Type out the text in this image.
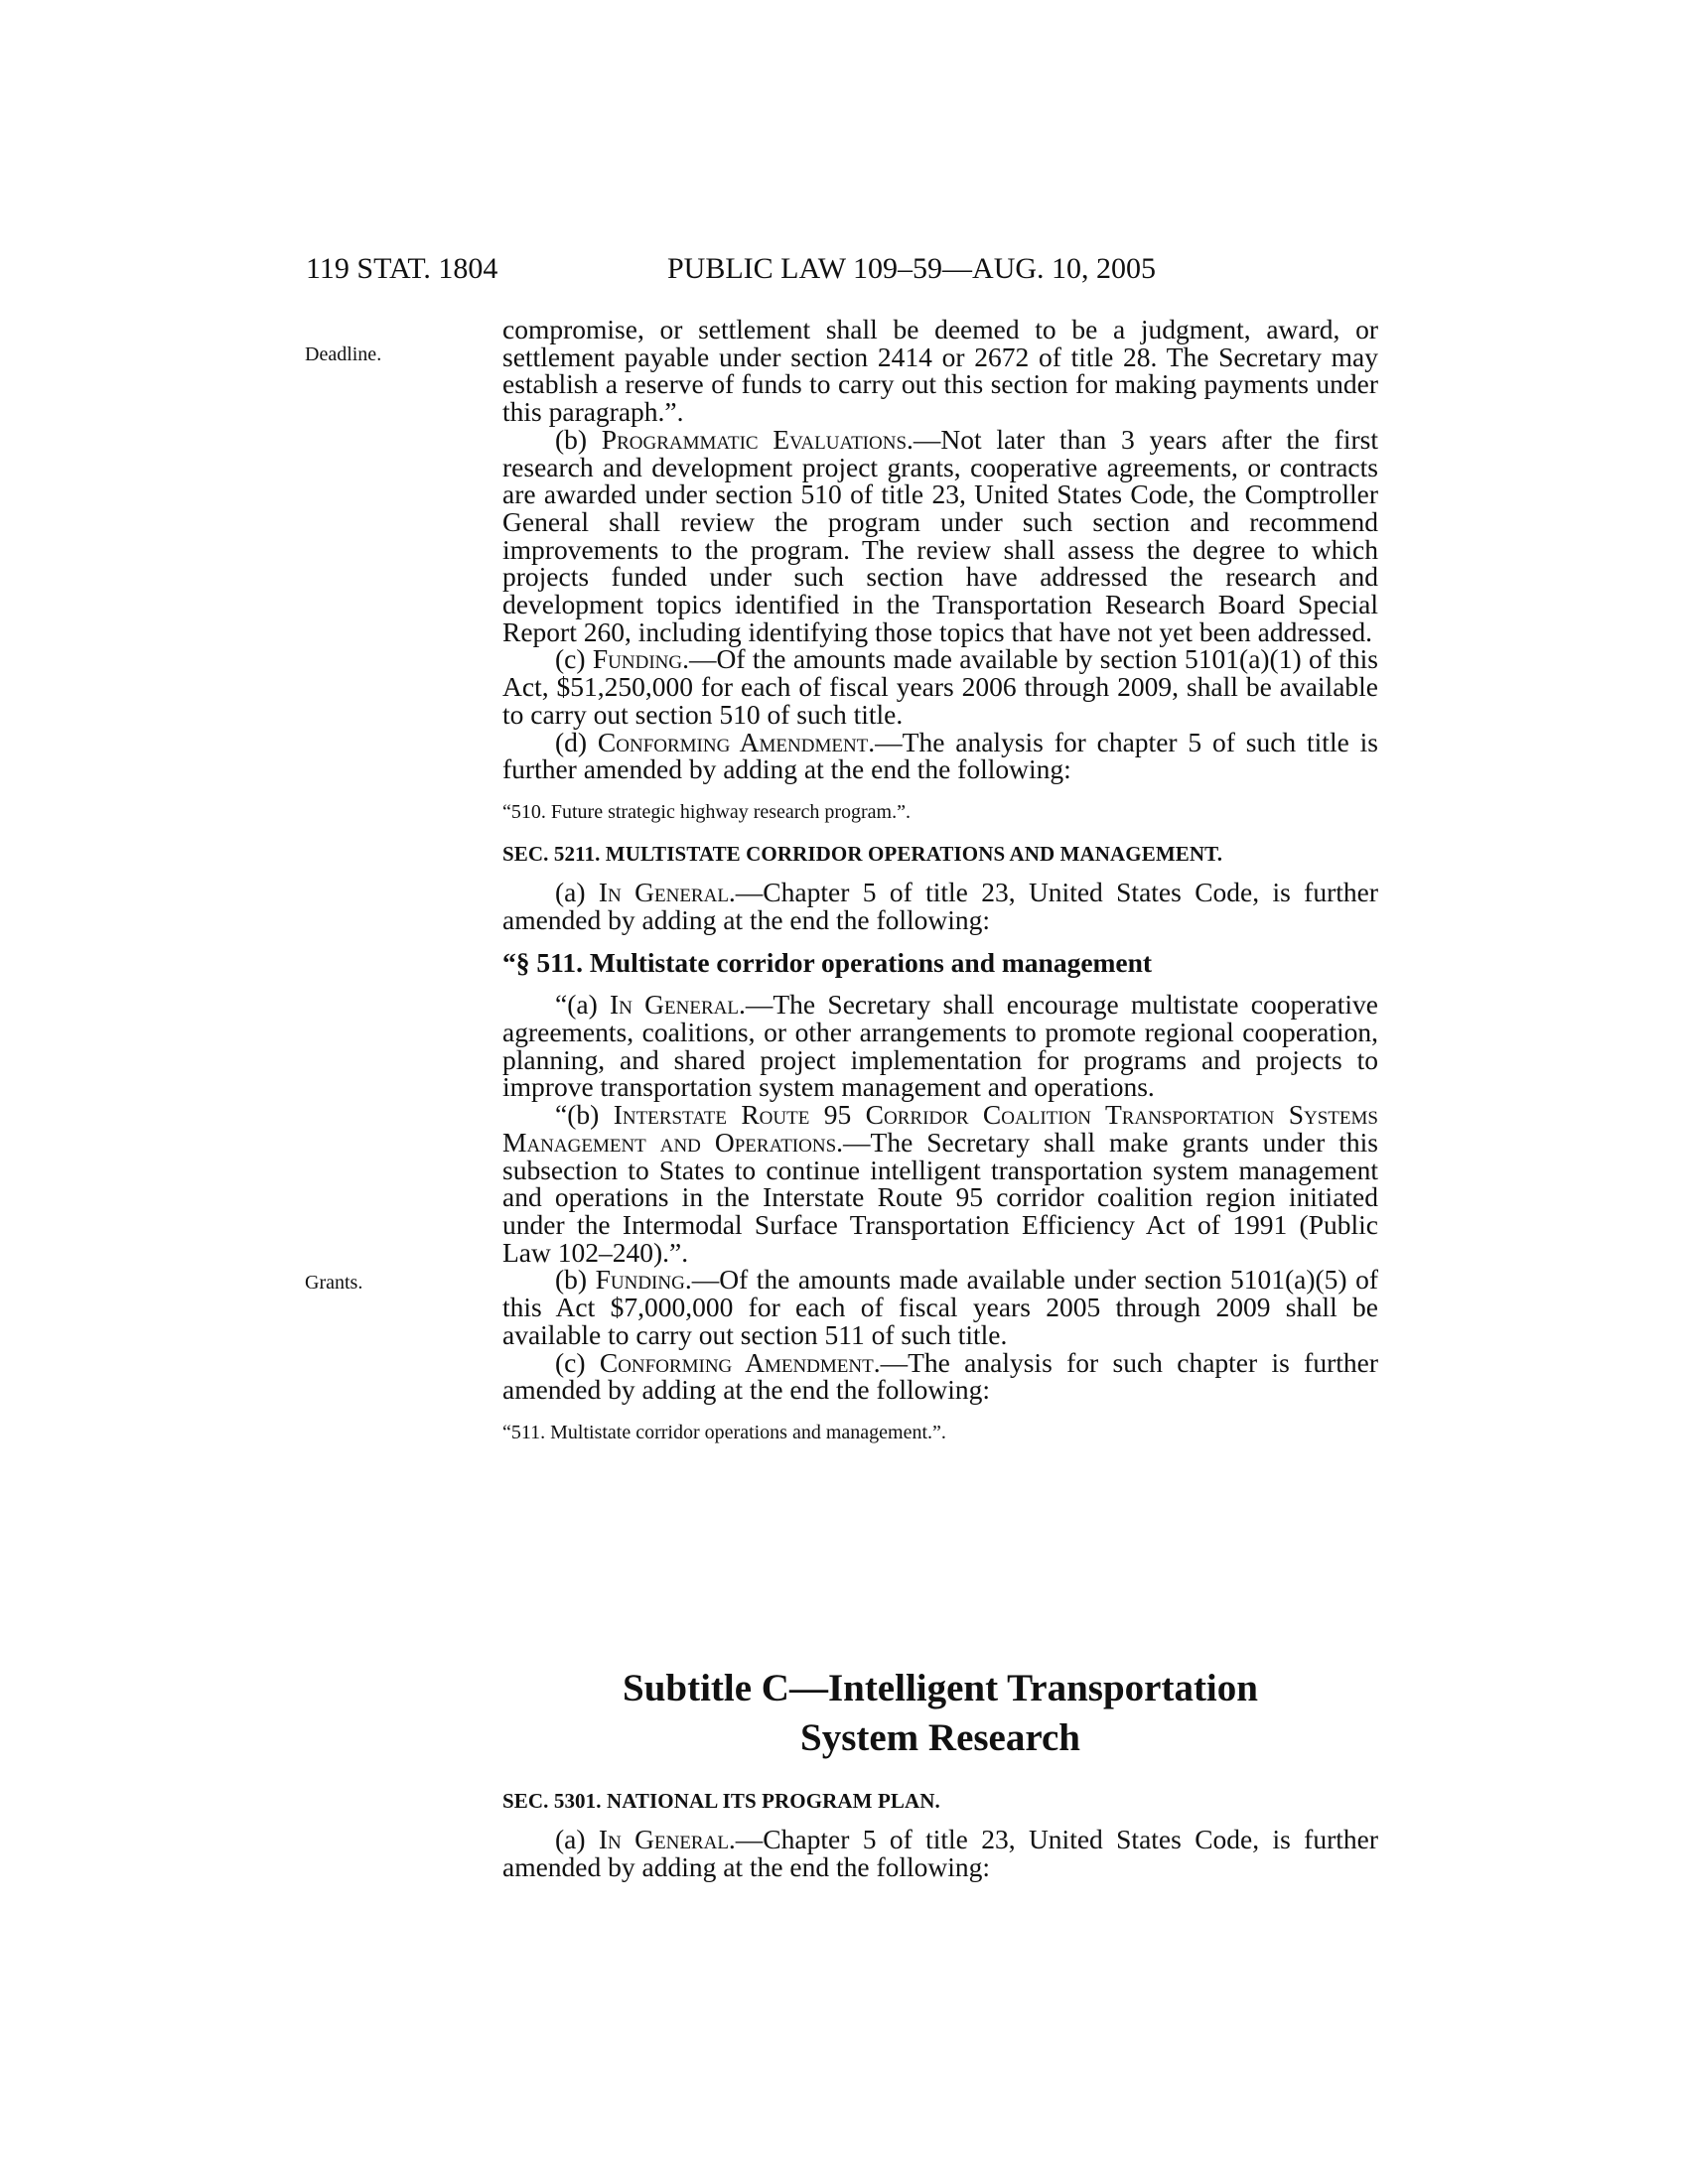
119 STAT. 1804	PUBLIC LAW 109–59—AUG. 10, 2005
Deadline.
Grants.

compromise, or settlement shall be deemed to be a judgment, award, or settlement payable under section 2414 or 2672 of title 28. The Secretary may establish a reserve of funds to carry out this section for making payments under this paragraph.”.

(b) Programmatic Evaluations.—Not later than 3 years after the first research and development project grants, cooperative agreements, or contracts are awarded under section 510 of title 23, United States Code, the Comptroller General shall review the program under such section and recommend improvements to the program. The review shall assess the degree to which projects funded under such section have addressed the research and development topics identified in the Transportation Research Board Special Report 260, including identifying those topics that have not yet been addressed.

(c) Funding.—Of the amounts made available by section 5101(a)(1) of this Act, $51,250,000 for each of fiscal years 2006 through 2009, shall be available to carry out section 510 of such title.

(d) Conforming Amendment.—The analysis for chapter 5 of such title is further amended by adding at the end the following:

“510. Future strategic highway research program.”.
SEC. 5211. MULTISTATE CORRIDOR OPERATIONS AND MANAGEMENT.

(a) In General.—Chapter 5 of title 23, United States Code, is further amended by adding at the end the following:

“§ 511. Multistate corridor operations and management

“(a) In General.—The Secretary shall encourage multistate cooperative agreements, coalitions, or other arrangements to promote regional cooperation, planning, and shared project implementation for programs and projects to improve transportation system management and operations.

“(b) Interstate Route 95 Corridor Coalition Transportation Systems Management and Operations.—The Secretary shall make grants under this subsection to States to continue intelligent transportation system management and operations in the Interstate Route 95 corridor coalition region initiated under the Intermodal Surface Transportation Efficiency Act of 1991 (Public Law 102–240).”.

(b) Funding.—Of the amounts made available under section 5101(a)(5) of this Act $7,000,000 for each of fiscal years 2005 through 2009 shall be available to carry out section 511 of such title.

(c) Conforming Amendment.—The analysis for such chapter is further amended by adding at the end the following:

“511. Multistate corridor operations and management.”.
Subtitle C—Intelligent Transportation
System Research
SEC. 5301. NATIONAL ITS PROGRAM PLAN.

(a) In General.—Chapter 5 of title 23, United States Code, is further amended by adding at the end the following:
